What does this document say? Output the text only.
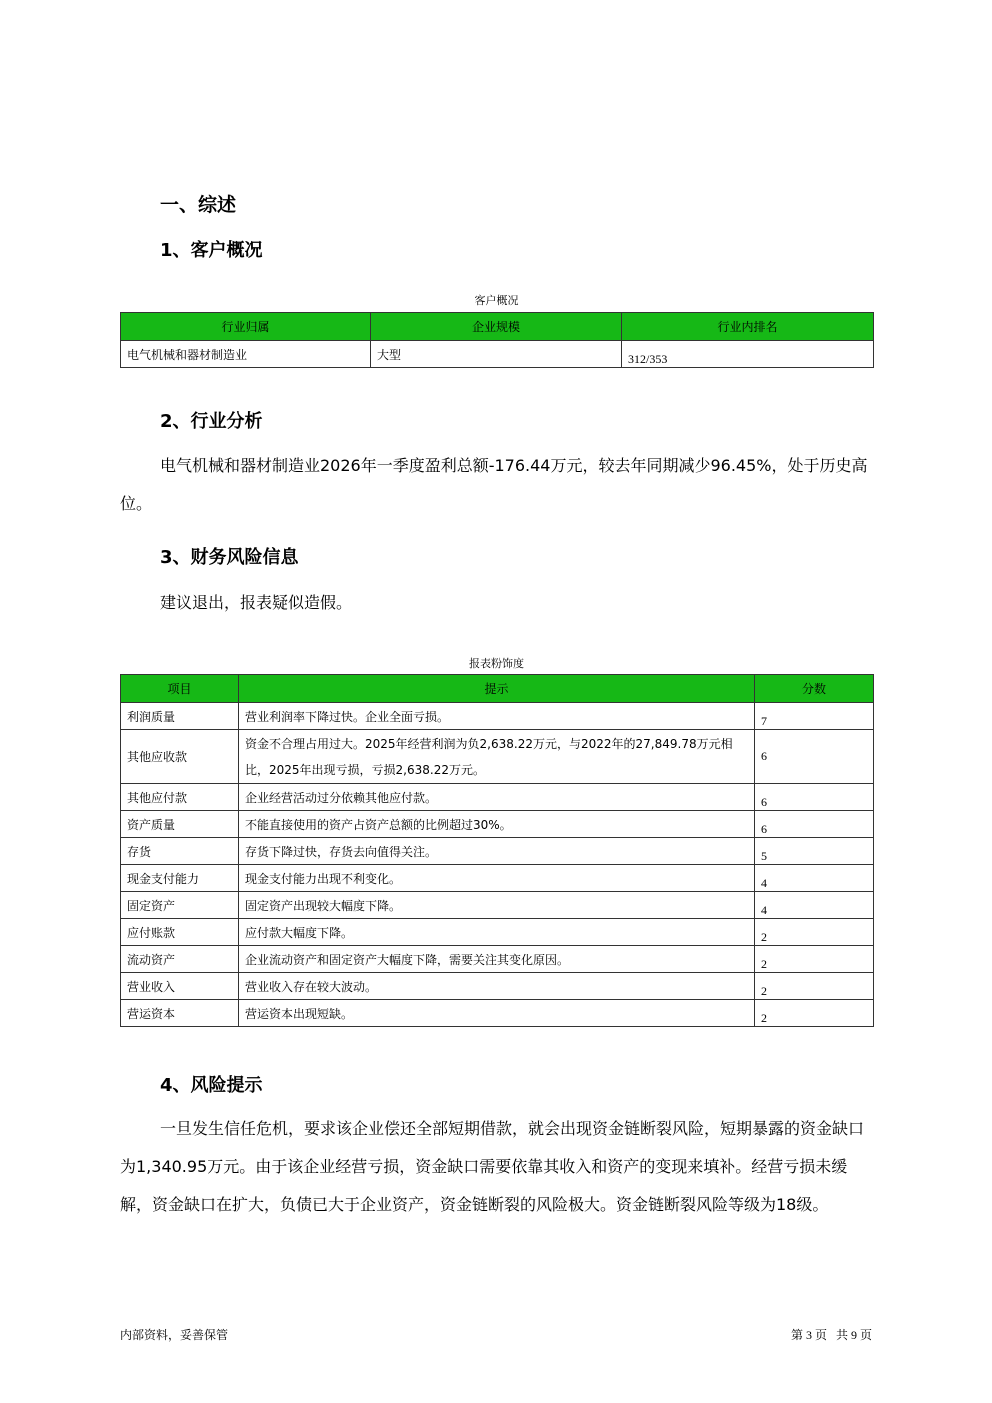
一、综述
1、客户概况
客户概况
行业归属	企业规模	行业内排名
电气机械和器材制造业	大型	312/353
2、行业分析

电气机械和器材制造业2026年一季度盈利总额-176.44万元，较去年同期减少96.45%，处于历史高位。

3、财务风险信息

建议退出，报表疑似造假。

报表粉饰度
项目	提示	分数
利润质量	营业利润率下降过快。企业全面亏损。	7
其他应收款	资金不合理占用过大。2025年经营利润为负2,638.22万元，与2022年的27,849.78万元相比，2025年出现亏损，亏损2,638.22万元。	6
其他应付款	企业经营活动过分依赖其他应付款。	6
资产质量	不能直接使用的资产占资产总额的比例超过30%。	6
存货	存货下降过快，存货去向值得关注。	5
现金支付能力	现金支付能力出现不利变化。	4
固定资产	固定资产出现较大幅度下降。	4
应付账款	应付款大幅度下降。	2
流动资产	企业流动资产和固定资产大幅度下降，需要关注其变化原因。	2
营业收入	营业收入存在较大波动。	2
营运资本	营运资本出现短缺。	2
4、风险提示

一旦发生信任危机，要求该企业偿还全部短期借款，就会出现资金链断裂风险，短期暴露的资金缺口为1,340.95万元。由于该企业经营亏损，资金缺口需要依靠其收入和资产的变现来填补。经营亏损未缓解，资金缺口在扩大，负债已大于企业资产，资金链断裂的风险极大。资金链断裂风险等级为18级。

内部资料，妥善保管	第 3 页   共 9 页
